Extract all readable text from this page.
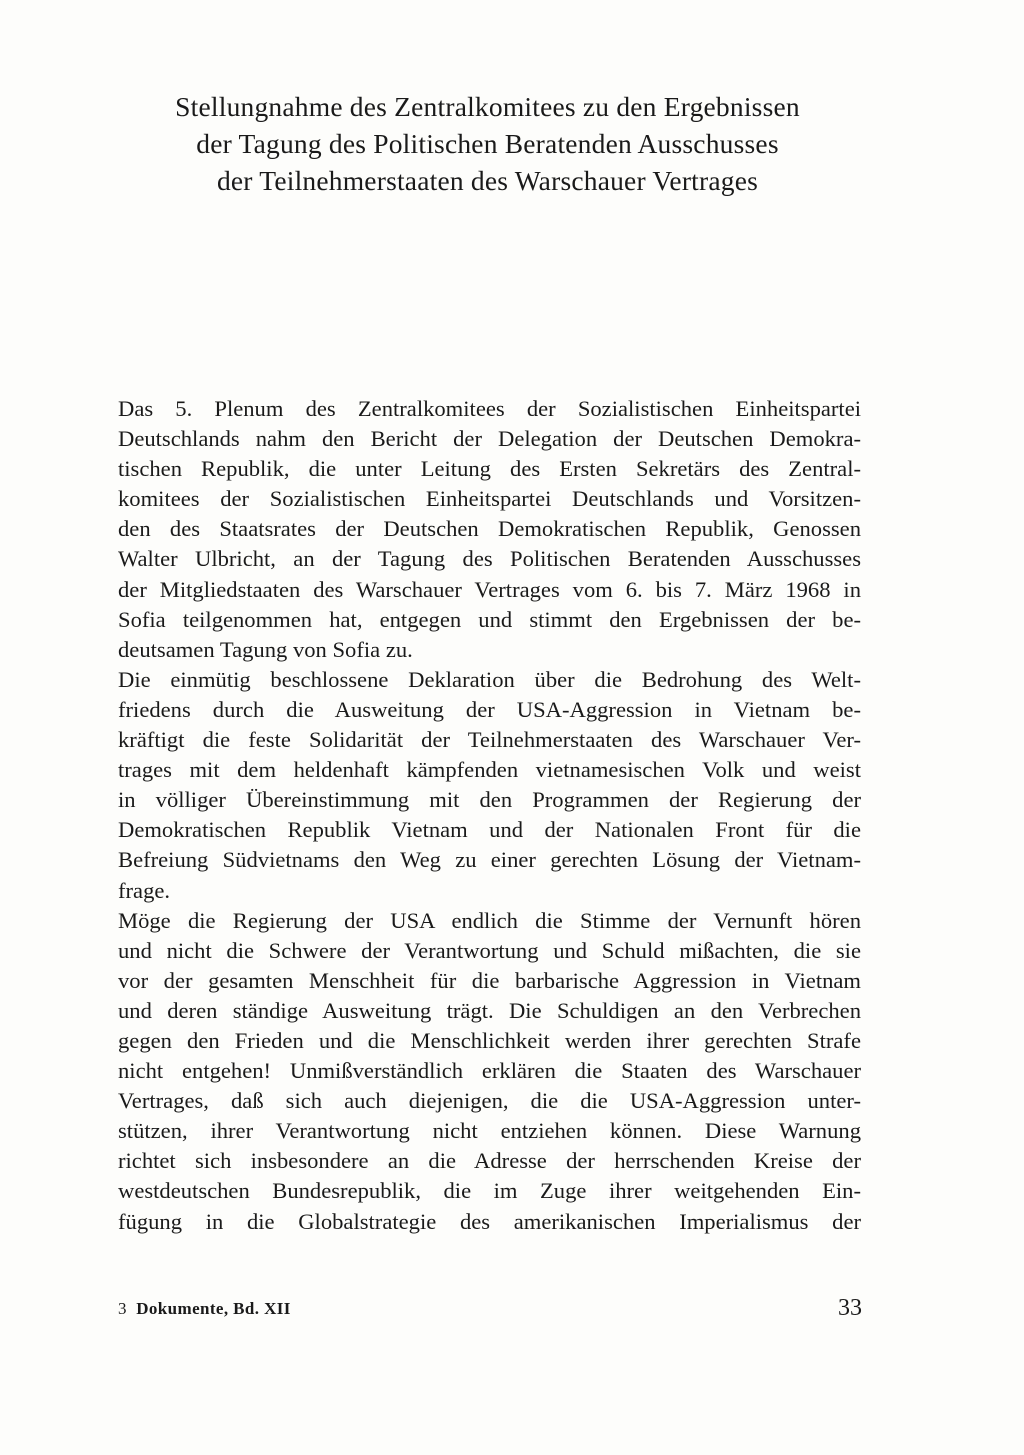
Stellungnahme des Zentralkomitees zu den Ergebnissen
der Tagung des Politischen Beratenden Ausschusses
der Teilnehmerstaaten des Warschauer Vertrages
Das 5. Plenum des Zentralkomitees der Sozialistischen Einheitspartei
Deutschlands nahm den Bericht der Delegation der Deutschen Demokra-
tischen Republik, die unter Leitung des Ersten Sekretärs des Zentral-
komitees der Sozialistischen Einheitspartei Deutschlands und Vorsitzen-
den des Staatsrates der Deutschen Demokratischen Republik, Genossen
Walter Ulbricht, an der Tagung des Politischen Beratenden Ausschusses
der Mitgliedstaaten des Warschauer Vertrages vom 6. bis 7. März 1968 in
Sofia teilgenommen hat, entgegen und stimmt den Ergebnissen der be-
deutsamen Tagung von Sofia zu.
Die einmütig beschlossene Deklaration über die Bedrohung des Welt-
friedens durch die Ausweitung der USA-Aggression in Vietnam be-
kräftigt die feste Solidarität der Teilnehmerstaaten des Warschauer Ver-
trages mit dem heldenhaft kämpfenden vietnamesischen Volk und weist
in völliger Übereinstimmung mit den Programmen der Regierung der
Demokratischen Republik Vietnam und der Nationalen Front für die
Befreiung Südvietnams den Weg zu einer gerechten Lösung der Vietnam-
frage.
Möge die Regierung der USA endlich die Stimme der Vernunft hören
und nicht die Schwere der Verantwortung und Schuld mißachten, die sie
vor der gesamten Menschheit für die barbarische Aggression in Vietnam
und deren ständige Ausweitung trägt. Die Schuldigen an den Verbrechen
gegen den Frieden und die Menschlichkeit werden ihrer gerechten Strafe
nicht entgehen! Unmißverständlich erklären die Staaten des Warschauer
Vertrages, daß sich auch diejenigen, die die USA-Aggression unter-
stützen, ihrer Verantwortung nicht entziehen können. Diese Warnung
richtet sich insbesondere an die Adresse der herrschenden Kreise der
westdeutschen Bundesrepublik, die im Zuge ihrer weitgehenden Ein-
fügung in die Globalstrategie des amerikanischen Imperialismus der
3 Dokumente, Bd. XII	33
